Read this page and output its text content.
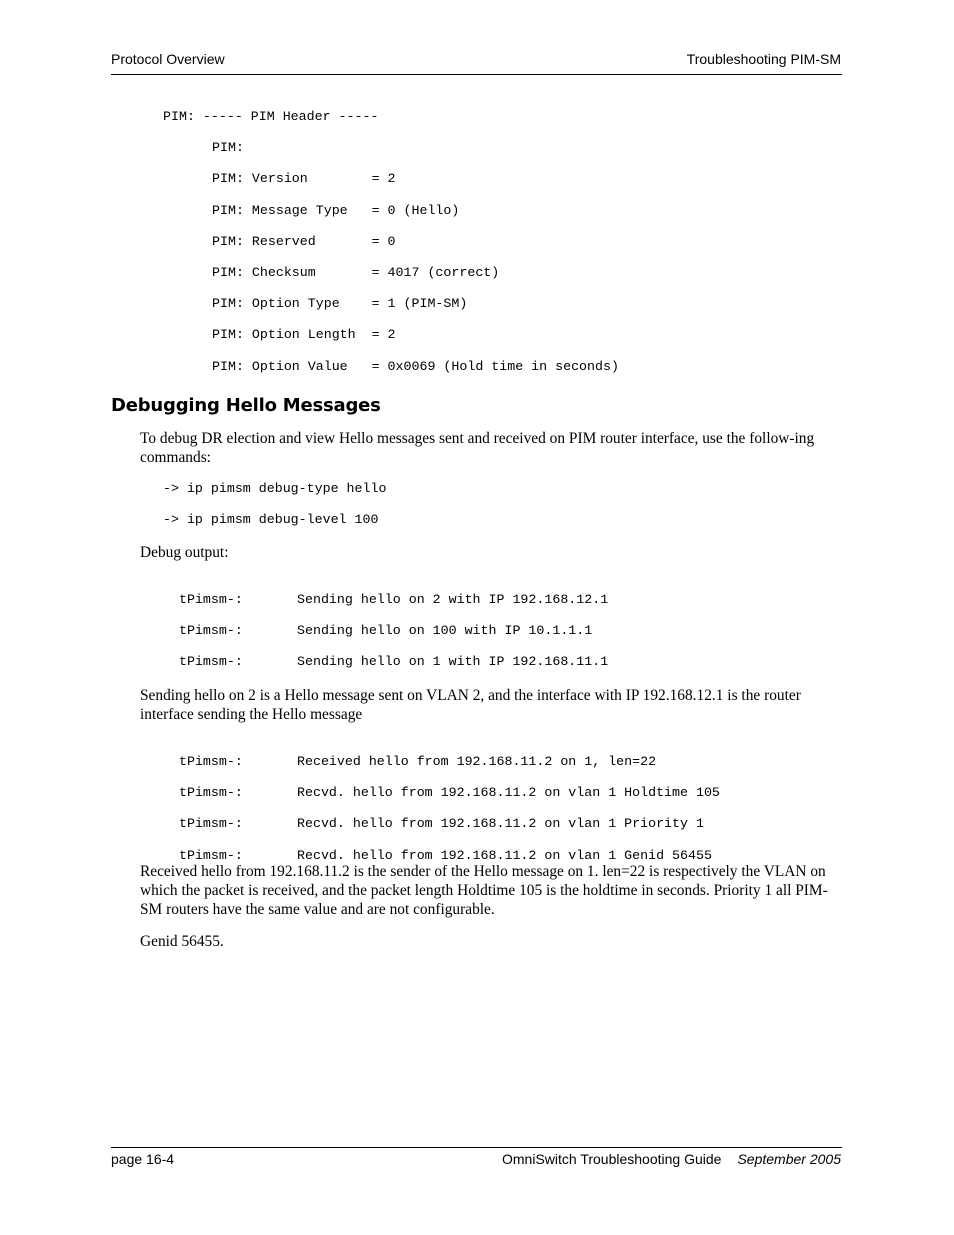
Protocol Overview	Troubleshooting PIM-SM
PIM: ----- PIM Header -----
PIM:
PIM: Version        = 2
PIM: Message Type   = 0 (Hello)
PIM: Reserved       = 0
PIM: Checksum       = 4017 (correct)
PIM: Option Type    = 1 (PIM-SM)
PIM: Option Length  = 2
PIM: Option Value   = 0x0069 (Hold time in seconds)
Debugging Hello Messages
To debug DR election and view Hello messages sent and received on PIM router interface, use the follow-ing commands:
-> ip pimsm debug-type hello
-> ip pimsm debug-level 100
Debug output:

tPimsm-:	Sending hello on 2 with IP 192.168.12.1

tPimsm-:	Sending hello on 100 with IP 10.1.1.1

tPimsm-:	Sending hello on 1 with IP 192.168.11.1

Sending hello on 2 is a Hello message sent on VLAN 2, and the interface with IP 192.168.12.1 is the router interface sending the Hello message

tPimsm-:	Received hello from 192.168.11.2 on 1, len=22

tPimsm-:	Recvd. hello from 192.168.11.2 on vlan 1 Holdtime 105

tPimsm-:	Recvd. hello from 192.168.11.2 on vlan 1 Priority 1

tPimsm-:	Recvd. hello from 192.168.11.2 on vlan 1 Genid 56455

Received hello from 192.168.11.2 is the sender of the Hello message on 1. len=22 is respectively the VLAN on which the packet is received, and the packet length Holdtime 105 is the holdtime in seconds. Priority 1 all PIM-SM routers have the same value and are not configurable.
Genid 56455.
page 16-4	OmniSwitch Troubleshooting Guide September 2005
